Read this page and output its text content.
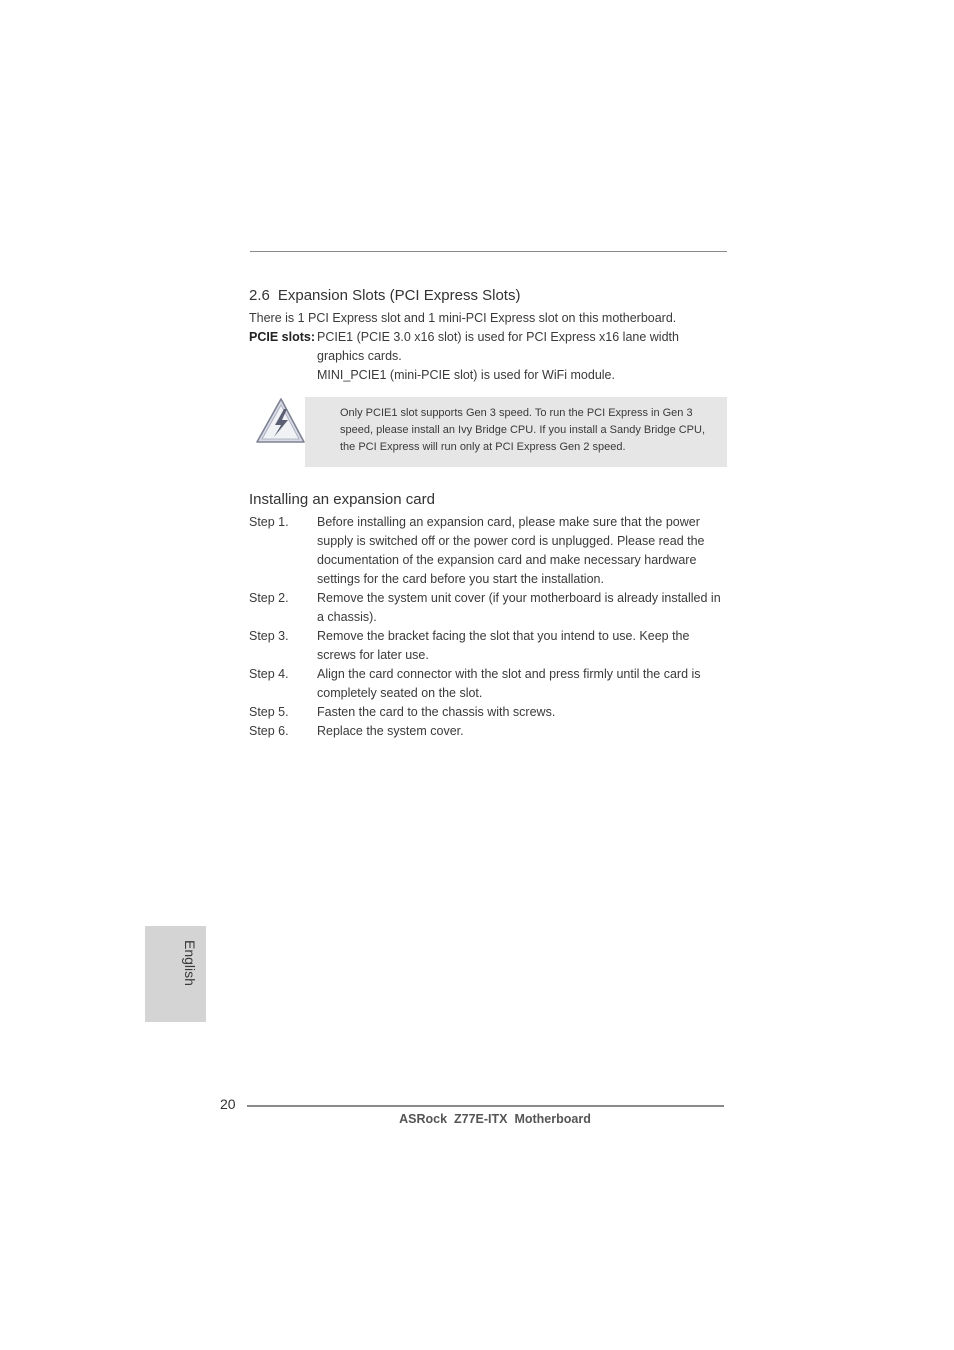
2.6 Expansion Slots (PCI Express Slots)
There is 1 PCI Express slot and 1 mini-PCI Express slot on this motherboard.
PCIE slots: PCIE1 (PCIE 3.0 x16 slot) is used for PCI Express x16 lane width graphics cards.

MINI_PCIE1 (mini-PCIE slot) is used for WiFi module.

Only PCIE1 slot supports Gen 3 speed. To run the PCI Express in Gen 3 speed, please install an Ivy Bridge CPU. If you install a Sandy Bridge CPU, the PCI Express will run only at PCI Express Gen 2 speed.
Installing an expansion card
Step 1. Before installing an expansion card, please make sure that the power supply is switched off or the power cord is unplugged. Please read the documentation of the expansion card and make necessary hardware settings for the card before you start the installation.
Step 2. Remove the system unit cover (if your motherboard is already installed in a chassis).
Step 3. Remove the bracket facing the slot that you intend to use. Keep the screws for later use.
Step 4. Align the card connector with the slot and press firmly until the card is completely seated on the slot.
Step 5. Fasten the card to the chassis with screws.
Step 6. Replace the system cover.
English
20
ASRock  Z77E-ITX  Motherboard
